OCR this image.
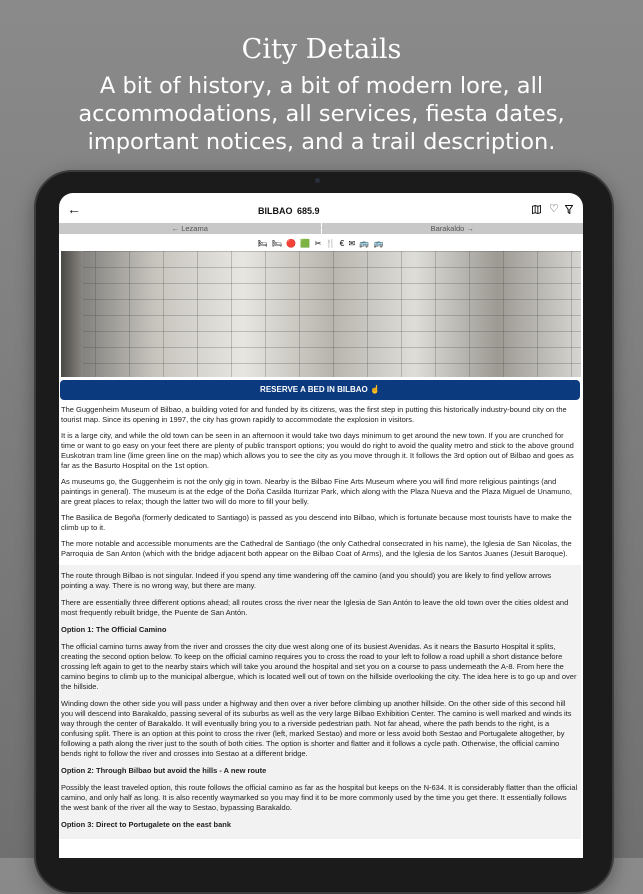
City Details
A bit of history, a bit of modern lore, all accommodations, all services, fiesta dates, important notices, and a trail description.
←	BILBAO 685.9	♡
← Lezama	Barakaldo →
🛏 🛏 🔴 🟩 ✂ 🍴 € ✉ 🚌 🚌
RESERVE A BED IN BILBAO ☝

The Guggenheim Museum of Bilbao, a building voted for and funded by its citizens, was the first step in putting this historically industry-bound city on the tourist map. Since its opening in 1997, the city has grown rapidly to accommodate the explosion in visitors.

It is a large city, and while the old town can be seen in an afternoon it would take two days minimum to get around the new town. If you are crunched for time or want to go easy on your feet there are plenty of public transport options; you would do right to avoid the quality metro and stick to the above ground Euskotran tram line (lime green line on the map) which allows you to see the city as you move through it. It follows the 3rd option out of Bilbao and goes as far as the Basurto Hospital on the 1st option.

As museums go, the Guggenheim is not the only gig in town. Nearby is the Bilbao Fine Arts Museum where you will find more religious paintings (and paintings in general). The museum is at the edge of the Doña Casilda Iturrizar Park, which along with the Plaza Nueva and the Plaza Miguel de Unamuno, are great places to relax; though the latter two will do more to fill your belly.

The Basilica de Begoña (formerly dedicated to Santiago) is passed as you descend into Bilbao, which is fortunate because most tourists have to make the climb up to it.

The more notable and accessible monuments are the Cathedral de Santiago (the only Cathedral consecrated in his name), the Iglesia de San Nicolas, the Parroquia de San Anton (which with the bridge adjacent both appear on the Bilbao Coat of Arms), and the Iglesia de los Santos Juanes (Jesuit Baroque).

The route through Bilbao is not singular. Indeed if you spend any time wandering off the camino (and you should) you are likely to find yellow arrows pointing a way. There is no wrong way, but there are many.

There are essentially three different options ahead; all routes cross the river near the Iglesia de San Antón to leave the old town over the cities oldest and most frequently rebuilt bridge, the Puente de San Antón.

Option 1: The Official Camino

The official camino turns away from the river and crosses the city due west along one of its busiest Avenidas. As it nears the Basurto Hospital it splits, creating the second option below. To keep on the official camino requires you to cross the road to your left to follow a road uphill a short distance before crossing left again to get to the nearby stairs which will take you around the hospital and set you on a course to pass underneath the A-8. From here the camino begins to climb up to the municipal albergue, which is located well out of town on the hillside overlooking the city. The idea here is to go up and over the hillside.

Winding down the other side you will pass under a highway and then over a river before climbing up another hillside. On the other side of this second hill you will descend into Barakaldo, passing several of its suburbs as well as the very large Bilbao Exhibition Center. The camino is well marked and winds its way through the center of Barakaldo. It will eventually bring you to a riverside pedestrian path. Not far ahead, where the path bends to the right, is a confusing split. There is an option at this point to cross the river (left, marked Sestao) and more or less avoid both Sestao and Portugalete altogether, by following a path along the river just to the south of both cities. The option is shorter and flatter and it follows a cycle path. Otherwise, the official camino bends right to follow the river and crosses into Sestao at a different bridge.

Option 2: Through Bilbao but avoid the hills - A new route

Possibly the least traveled option, this route follows the official camino as far as the hospital but keeps on the N-634. It is considerably flatter than the official camino, and only half as long. It is also recently waymarked so you may find it to be more commonly used by the time you get there. It essentially follows the west bank of the river all the way to Sestao, bypassing Barakaldo.

Option 3: Direct to Portugalete on the east bank
